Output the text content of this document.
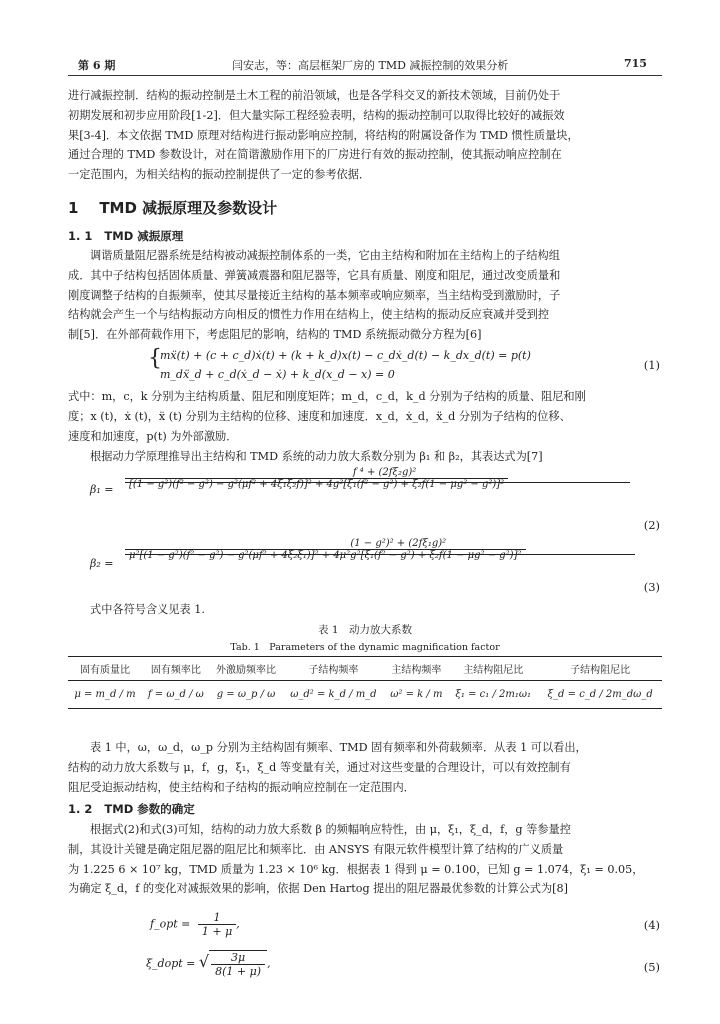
第 6 期	闫安志，等：高层框架厂房的 TMD 减振控制的效果分析	715
进行减振控制．结构的振动控制是土木工程的前沿领域，也是各学科交叉的新技术领域，目前仍处于
初期发展和初步应用阶段[1-2]．但大量实际工程经验表明，结构的振动控制可以取得比较好的减振效
果[3-4]．本文依据 TMD 原理对结构进行振动影响应控制，将结构的附属设备作为 TMD 惯性质量块，
通过合理的 TMD 参数设计，对在简谐激励作用下的厂房进行有效的振动控制，使其振动响应控制在
一定范围内，为相关结构的振动控制提供了一定的参考依据．
1 TMD 减振原理及参数设计
1. 1 TMD 减振原理
调谐质量阻尼器系统是结构被动减振控制体系的一类，它由主结构和附加在主结构上的子结构组
成．其中子结构包括固体质量、弹簧减震器和阻尼器等，它具有质量、刚度和阻尼，通过改变质量和
刚度调整子结构的自振频率，使其尽量接近主结构的基本频率或响应频率，当主结构受到激励时，子
结构就会产生一个与结构振动方向相反的惯性力作用在结构上，使主结构的振动反应衰减并受到控
制[5]．在外部荷载作用下，考虑阻尼的影响，结构的 TMD 系统振动微分方程为[6]
{
mẍ(t) + (c + c_d)ẋ(t) + (k + k_d)x(t) − c_dẋ_d(t) − k_dx_d(t) = p(t)
m_dẍ_d + c_d(ẋ_d − ẋ) + k_d(x_d − x) = 0
(1)
式中：m，c，k 分别为主结构质量、阻尼和刚度矩阵；m_d，c_d，k_d 分别为子结构的质量、阻尼和刚
度；x (t)，ẋ (t)，ẍ (t) 分别为主结构的位移、速度和加速度．x_d，ẋ_d，ẍ_d 分别为子结构的位移、
速度和加速度，p(t) 为外部激励．
根据动力学原理推导出主结构和 TMD 系统的动力放大系数分别为 β₁ 和 β₂，其表达式为[7]
β₁ =
f ⁴ + (2fξ₂g)²
[(1 − g²)(f² − g²) − g²(μf² + 4ξ₁ξ₂f)]² + 4g²[ξ₁(f² − g²) + ξ₂f(1 − μg² − g²)]²
(2)
β₂ =
(1 − g²)² + (2fξ₁g)²
μ²[(1 − g²)(f² − g²) − g²(μf² + 4ξ₂ξ₁)]² + 4μ²g²[ξ₁(f² − g²) + ξ₂f(1 − μg² − g²)]²
(3)
式中各符号含义见表 1.
表 1　动力放大系数
Tab. 1　Parameters of the dynamic magnification factor
固有质量比	固有频率比	外激励频率比	子结构频率	主结构频率	主结构阻尼比	子结构阻尼比
μ = m_d / m	f = ω_d / ω	g = ω_p / ω	ω_d² = k_d / m_d	ω² = k / m	ξ₁ = c₁ / 2m₁ω₁	ξ_d = c_d / 2m_dω_d
表 1 中，ω，ω_d，ω_p 分别为主结构固有频率、TMD 固有频率和外荷载频率．从表 1 可以看出，
结构的动力放大系数与 μ，f，g，ξ₁，ξ_d 等变量有关，通过对这些变量的合理设计，可以有效控制有
阻尼受迫振动结构，使主结构和子结构的振动响应控制在一定范围内．
1. 2 TMD 参数的确定
根据式(2)和式(3)可知，结构的动力放大系数 β 的频幅响应特性，由 μ，ξ₁，ξ_d，f，g 等参量控
制，其设计关键是确定阻尼器的阻尼比和频率比．由 ANSYS 有限元软件模型计算了结构的广义质量
为 1.225 6 × 10⁷ kg，TMD 质量为 1.23 × 10⁶ kg．根据表 1 得到 μ = 0.100，已知 g = 1.074，ξ₁ = 0.05，
为确定 ξ_d，f 的变化对减振效果的影响，依据 Den Hartog 提出的阻尼器最优参数的计算公式为[8]
f_opt = $\frac{1}{1 + \mu}$ ,	(4)
ξ_dopt = √ $\frac{3\mu}{8(1 + \mu)}$ ,	(5)
